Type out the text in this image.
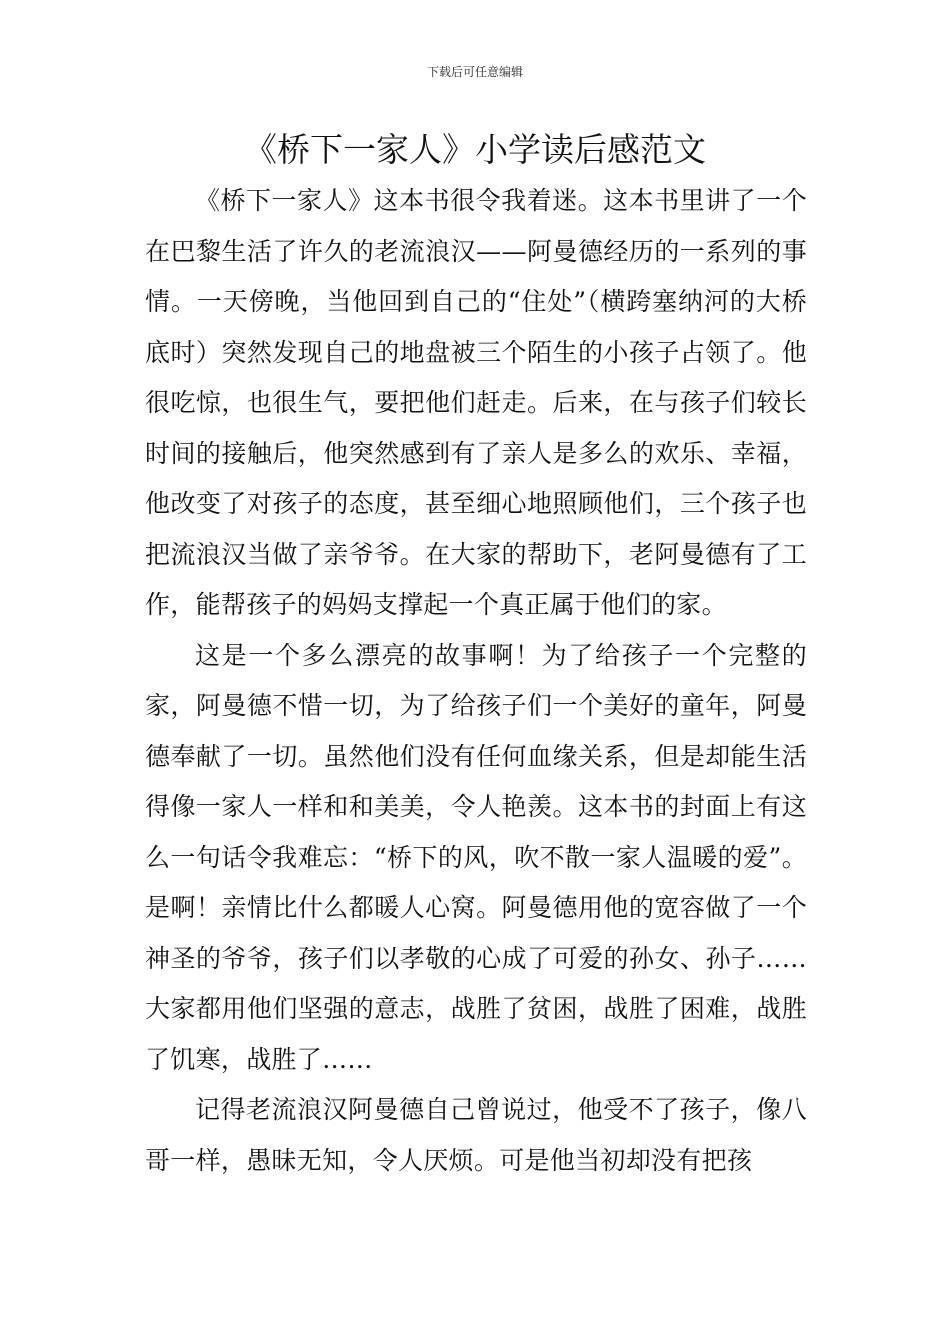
下载后可任意编辑
《桥下一家人》小学读后感范文

《桥下一家人》这本书很令我着迷。这本书里讲了一个在巴黎生活了许久的老流浪汉——阿曼德经历的一系列的事情。一天傍晚，当他回到自己的“住处”（横跨塞纳河的大桥底时）突然发现自己的地盘被三个陌生的小孩子占领了。他很吃惊，也很生气，要把他们赶走。后来，在与孩子们较长时间的接触后，他突然感到有了亲人是多么的欢乐、幸福，他改变了对孩子的态度，甚至细心地照顾他们，三个孩子也把流浪汉当做了亲爷爷。在大家的帮助下，老阿曼德有了工作，能帮孩子的妈妈支撑起一个真正属于他们的家。

这是一个多么漂亮的故事啊！为了给孩子一个完整的家，阿曼德不惜一切，为了给孩子们一个美好的童年，阿曼德奉献了一切。虽然他们没有任何血缘关系，但是却能生活得像一家人一样和和美美，令人艳羡。这本书的封面上有这么一句话令我难忘：“桥下的风，吹不散一家人温暖的爱”。是啊！亲情比什么都暖人心窝。阿曼德用他的宽容做了一个神圣的爷爷，孩子们以孝敬的心成了可爱的孙女、孙子……大家都用他们坚强的意志，战胜了贫困，战胜了困难，战胜了饥寒，战胜了……

记得老流浪汉阿曼德自己曾说过，他受不了孩子，像八哥一样，愚昧无知，令人厌烦。可是他当初却没有把孩
